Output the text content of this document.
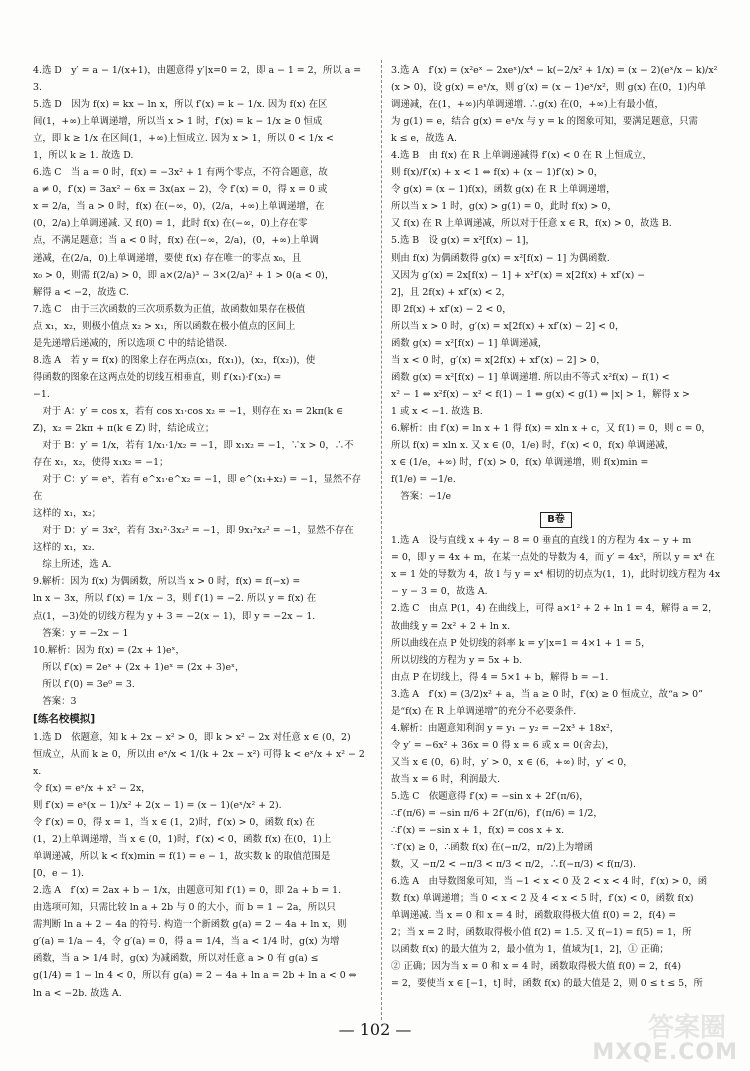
4.选 D　y′ = a − 1/(x+1)，由题意得 y′|x=0 = 2，即 a − 1 = 2，所以 a = 3.

5.选 D　因为 f(x) = kx − ln x，所以 f′(x) = k − 1/x. 因为 f(x) 在区

间(1，+∞)上单调递增，所以当 x > 1 时，f′(x) = k − 1/x ≥ 0 恒成

立，即 k ≥ 1/x 在区间(1，+∞)上恒成立. 因为 x > 1，所以 0 < 1/x <

1，所以 k ≥ 1. 故选 D.

6.选 C　当 a = 0 时，f(x) = −3x² + 1 有两个零点，不符合题意，故

a ≠ 0，f′(x) = 3ax² − 6x = 3x(ax − 2)，令 f′(x) = 0，得 x = 0 或

x = 2/a，当 a > 0 时，f(x) 在(−∞，0)，(2/a，+∞)上单调递增，在

(0，2/a)上单调递减. 又 f(0) = 1，此时 f(x) 在(−∞，0)上存在零

点，不满足题意；当 a < 0 时，f(x) 在(−∞，2/a)，(0，+∞)上单调

递减，在(2/a，0)上单调递增，要使 f(x) 存在唯一的零点 x₀，且

x₀ > 0，则需 f(2/a) > 0，即 a×(2/a)³ − 3×(2/a)² + 1 > 0(a < 0)，

解得 a < −2，故选 C.

7.选 C　由于三次函数的三次项系数为正值，故函数如果存在极值

点 x₁，x₂，则极小值点 x₂ > x₁，所以函数在极小值点的区间上

是先递增后递减的，所以选项 C 中的结论错误.

8.选 A　若 y = f(x) 的图象上存在两点(x₁，f(x₁))，(x₂，f(x₂))，使

得函数的图象在这两点处的切线互相垂直，则 f′(x₁)·f′(x₂) =

−1.

　对于 A：y′ = cos x，若有 cos x₁·cos x₂ = −1，则存在 x₁ = 2kπ(k ∈

Z)，x₂ = 2kπ + π(k ∈ Z) 时，结论成立；

　对于 B：y′ = 1/x，若有 1/x₁·1/x₂ = −1，即 x₁x₂ = −1，∵x > 0，∴不

存在 x₁，x₂，使得 x₁x₂ = −1；

　对于 C：y′ = eˣ，若有 e^x₁·e^x₂ = −1，即 e^(x₁+x₂) = −1，显然不存在

这样的 x₁，x₂；

　对于 D：y′ = 3x²，若有 3x₁²·3x₂² = −1，即 9x₁²x₂² = −1，显然不存在

这样的 x₁，x₂.

　综上所述，选 A.

9.解析：因为 f(x) 为偶函数，所以当 x > 0 时，f(x) = f(−x) =

ln x − 3x，所以 f′(x) = 1/x − 3，则 f′(1) = −2. 所以 y = f(x) 在

点(1，−3)处的切线方程为 y + 3 = −2(x − 1)，即 y = −2x − 1.

　答案：y = −2x − 1

10.解析：因为 f(x) = (2x + 1)eˣ，

　所以 f′(x) = 2eˣ + (2x + 1)eˣ = (2x + 3)eˣ，

　所以 f′(0) = 3e⁰ = 3.

　答案：3

[练名校模拟]

1.选 D　依题意，知 k + 2x − x² > 0，即 k > x² − 2x 对任意 x ∈ (0，2)

恒成立，从而 k ≥ 0，所以由 eˣ/x < 1/(k + 2x − x²) 可得 k < eˣ/x + x² − 2x.

令 f(x) = eˣ/x + x² − 2x，

则 f′(x) = eˣ(x − 1)/x² + 2(x − 1) = (x − 1)(eˣ/x² + 2).

令 f′(x) = 0，得 x = 1，当 x ∈ (1，2)时，f′(x) > 0，函数 f(x) 在

(1，2)上单调递增，当 x ∈ (0，1)时，f′(x) < 0，函数 f(x) 在(0，1)上

单调递减，所以 k < f(x)min = f(1) = e − 1，故实数 k 的取值范围是

[0，e − 1).

2.选 A　f′(x) = 2ax + b − 1/x，由题意可知 f′(1) = 0，即 2a + b = 1.

由选项可知，只需比较 ln a + 2b 与 0 的大小，而 b = 1 − 2a，所以只

需判断 ln a + 2 − 4a 的符号. 构造一个新函数 g(a) = 2 − 4a + ln x，则

g′(a) = 1/a − 4，令 g′(a) = 0，得 a = 1/4，当 a < 1/4 时，g(x) 为增

函数，当 a > 1/4 时，g(x) 为减函数，所以对任意 a > 0 有 g(a) ≤

g(1/4) = 1 − ln 4 < 0，所以有 g(a) = 2 − 4a + ln a = 2b + ln a < 0 ⇔

ln a < −2b. 故选 A.

3.选 A　f′(x) = (x²eˣ − 2xeˣ)/x⁴ − k(−2/x² + 1/x) = (x − 2)(eˣ/x − k)/x²

(x > 0)，设 g(x) = eˣ/x，则 g′(x) = (x − 1)eˣ/x²，则 g(x) 在(0，1)内单

调递减，在(1，+∞)内单调递增. ∴g(x) 在(0，+∞)上有最小值，

为 g(1) = e，结合 g(x) = eˣ/x 与 y = k 的图象可知，要满足题意，只需

k ≤ e，故选 A.

4.选 B　由 f(x) 在 R 上单调递减得 f′(x) < 0 在 R 上恒成立，

则 f(x)/f′(x) + x < 1 ⇔ f(x) + (x − 1)f′(x) > 0，

令 g(x) = (x − 1)f(x)，函数 g(x) 在 R 上单调递增，

所以当 x > 1 时，g(x) > g(1) = 0，此时 f(x) > 0，

又 f(x) 在 R 上单调递减，所以对于任意 x ∈ R，f(x) > 0，故选 B.

5.选 B　设 g(x) = x²[f(x) − 1]，

则由 f(x) 为偶函数得 g(x) = x²[f(x) − 1] 为偶函数.

又因为 g′(x) = 2x[f(x) − 1] + x²f′(x) = x[2f(x) + xf′(x) −

2]，且 2f(x) + xf′(x) < 2，

即 2f(x) + xf′(x) − 2 < 0，

所以当 x > 0 时，g′(x) = x[2f(x) + xf′(x) − 2] < 0，

函数 g(x) = x²[f(x) − 1] 单调递减，

当 x < 0 时，g′(x) = x[2f(x) + xf′(x) − 2] > 0，

函数 g(x) = x²[f(x) − 1] 单调递增. 所以由不等式 x²f(x) − f(1) <

x² − 1 ⇔ x²f(x) − x² < f(1) − 1 ⇔ g(x) < g(1) ⇔ |x| > 1，解得 x >

1 或 x < −1. 故选 B.

6.解析：由 f′(x) = ln x + 1 得 f(x) = xln x + c，又 f(1) = 0，则 c = 0，

所以 f(x) = xln x. 又 x ∈ (0，1/e) 时，f′(x) < 0，f(x) 单调递减，

x ∈ (1/e，+∞) 时，f′(x) > 0，f(x) 单调递增，则 f(x)min =

f(1/e) = −1/e.

　答案：−1/e

B卷

1.选 A　设与直线 x + 4y − 8 = 0 垂直的直线 l 的方程为 4x − y + m

= 0，即 y = 4x + m，在某一点处的导数为 4，而 y′ = 4x³，所以 y = x⁴ 在

x = 1 处的导数为 4，故 l 与 y = x⁴ 相切的切点为(1，1)，此时切线方程为 4x − y − 3 = 0，故选 A.

2.选 C　由点 P(1，4) 在曲线上，可得 a×1² + 2 + ln 1 = 4，解得 a = 2，

故曲线 y = 2x² + 2 + ln x.

所以曲线在点 P 处切线的斜率 k = y′|x=1 = 4×1 + 1 = 5，

所以切线的方程为 y = 5x + b.

由点 P 在切线上，得 4 = 5×1 + b，解得 b = −1.

3.选 A　f′(x) = (3/2)x² + a，当 a ≥ 0 时，f′(x) ≥ 0 恒成立，故“a > 0”

是“f(x) 在 R 上单调递增”的充分不必要条件.

4.解析：由题意知利润 y = y₁ − y₂ = −2x³ + 18x²，

令 y′ = −6x² + 36x = 0 得 x = 6 或 x = 0(舍去)，

又当 x ∈ (0，6) 时，y′ > 0，x ∈ (6，+∞) 时，y′ < 0，

故当 x = 6 时，利润最大.

5.选 C　依题意得 f′(x) = −sin x + 2f′(π/6)，

∴f′(π/6) = −sin π/6 + 2f′(π/6)，f′(π/6) = 1/2，

∴f′(x) = −sin x + 1，f(x) = cos x + x.

∵f′(x) ≥ 0，∴函数 f(x) 在(−π/2，π/2)上为增函

数，又 −π/2 < −π/3 < π/3 < π/2，∴f(−π/3) < f(π/3).

6.选 A　由导数图象可知，当 −1 < x < 0 及 2 < x < 4 时，f′(x) > 0，函

数 f(x) 单调递增；当 0 < x < 2 及 4 < x < 5 时，f′(x) < 0，函数 f(x)

单调递减. 当 x = 0 和 x = 4 时，函数取得极大值 f(0) = 2，f(4) =

2；当 x = 2 时，函数取得极小值 f(2) = 1.5. 又 f(−1) = f(5) = 1，所

以函数 f(x) 的最大值为 2，最小值为 1，值域为[1，2]，① 正确；

② 正确；因为当 x = 0 和 x = 4 时，函数取得极大值 f(0) = 2，f(4)

= 2，要使当 x ∈ [−1，t] 时，函数 f(x) 的最大值是 2，则 0 ≤ t ≤ 5，所

— 102 —	答案圈
MXQE.COM
